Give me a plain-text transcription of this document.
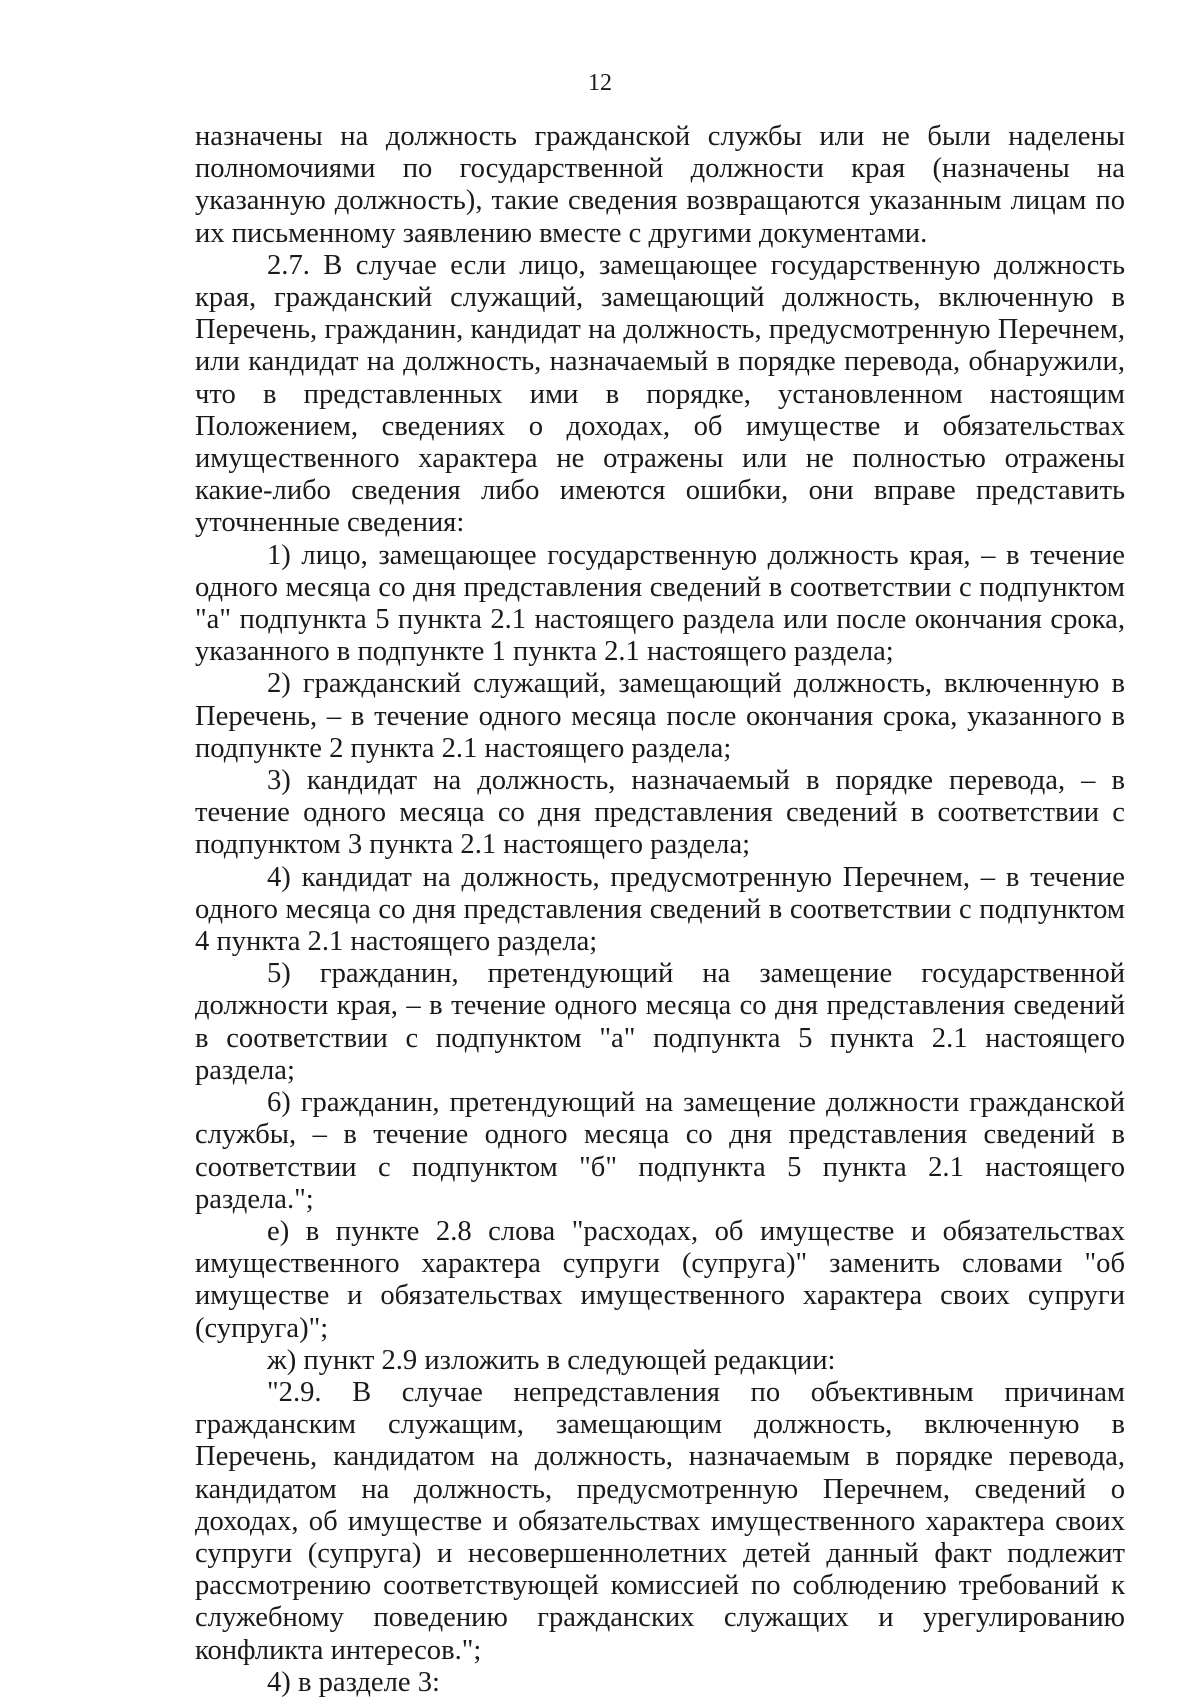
12

назначены на должность гражданской службы или не были наделены полномочиями по государственной должности края (назначены на указанную должность), такие сведения возвращаются указанным лицам по их письменному заявлению вместе с другими документами.

2.7. В случае если лицо, замещающее государственную должность края, гражданский служащий, замещающий должность, включенную в Перечень, гражданин, кандидат на должность, предусмотренную Перечнем, или кандидат на должность, назначаемый в порядке перевода, обнаружили, что в представленных ими в порядке, установленном настоящим Положением, сведениях о доходах, об имуществе и обязательствах имущественного характера не отражены или не полностью отражены какие-либо сведения либо имеются ошибки, они вправе представить уточненные сведения:

1) лицо, замещающее государственную должность края, – в течение одного месяца со дня представления сведений в соответствии с подпунктом "а" подпункта 5 пункта 2.1 настоящего раздела или после окончания срока, указанного в подпункте 1 пункта 2.1 настоящего раздела;

2) гражданский служащий, замещающий должность, включенную в Перечень, – в течение одного месяца после окончания срока, указанного в подпункте 2 пункта 2.1 настоящего раздела;

3) кандидат на должность, назначаемый в порядке перевода, – в течение одного месяца со дня представления сведений в соответствии с подпунктом 3 пункта 2.1 настоящего раздела;

4) кандидат на должность, предусмотренную Перечнем, – в течение одного месяца со дня представления сведений в соответствии с подпунктом 4 пункта 2.1 настоящего раздела;

5) гражданин, претендующий на замещение государственной должности края, – в течение одного месяца со дня представления сведений в соответствии с подпунктом "а" подпункта 5 пункта 2.1 настоящего раздела;

6) гражданин, претендующий на замещение должности гражданской службы, – в течение одного месяца со дня представления сведений в соответствии с подпунктом "б" подпункта 5 пункта 2.1 настоящего раздела.";

е) в пункте 2.8 слова "расходах, об имуществе и обязательствах имущественного характера супруги (супруга)" заменить словами "об имуществе и обязательствах имущественного характера своих супруги (супруга)";

ж) пункт 2.9 изложить в следующей редакции:

"2.9. В случае непредставления по объективным причинам гражданским служащим, замещающим должность, включенную в Перечень, кандидатом на должность, назначаемым в порядке перевода, кандидатом на должность, предусмотренную Перечнем, сведений о доходах, об имуществе и обязательствах имущественного характера своих супруги (супруга) и несовершеннолетних детей данный факт подлежит рассмотрению соответствующей комиссией по соблюдению требований к служебному поведению гражданских служащих и урегулированию конфликта интересов.";

4) в разделе 3:
